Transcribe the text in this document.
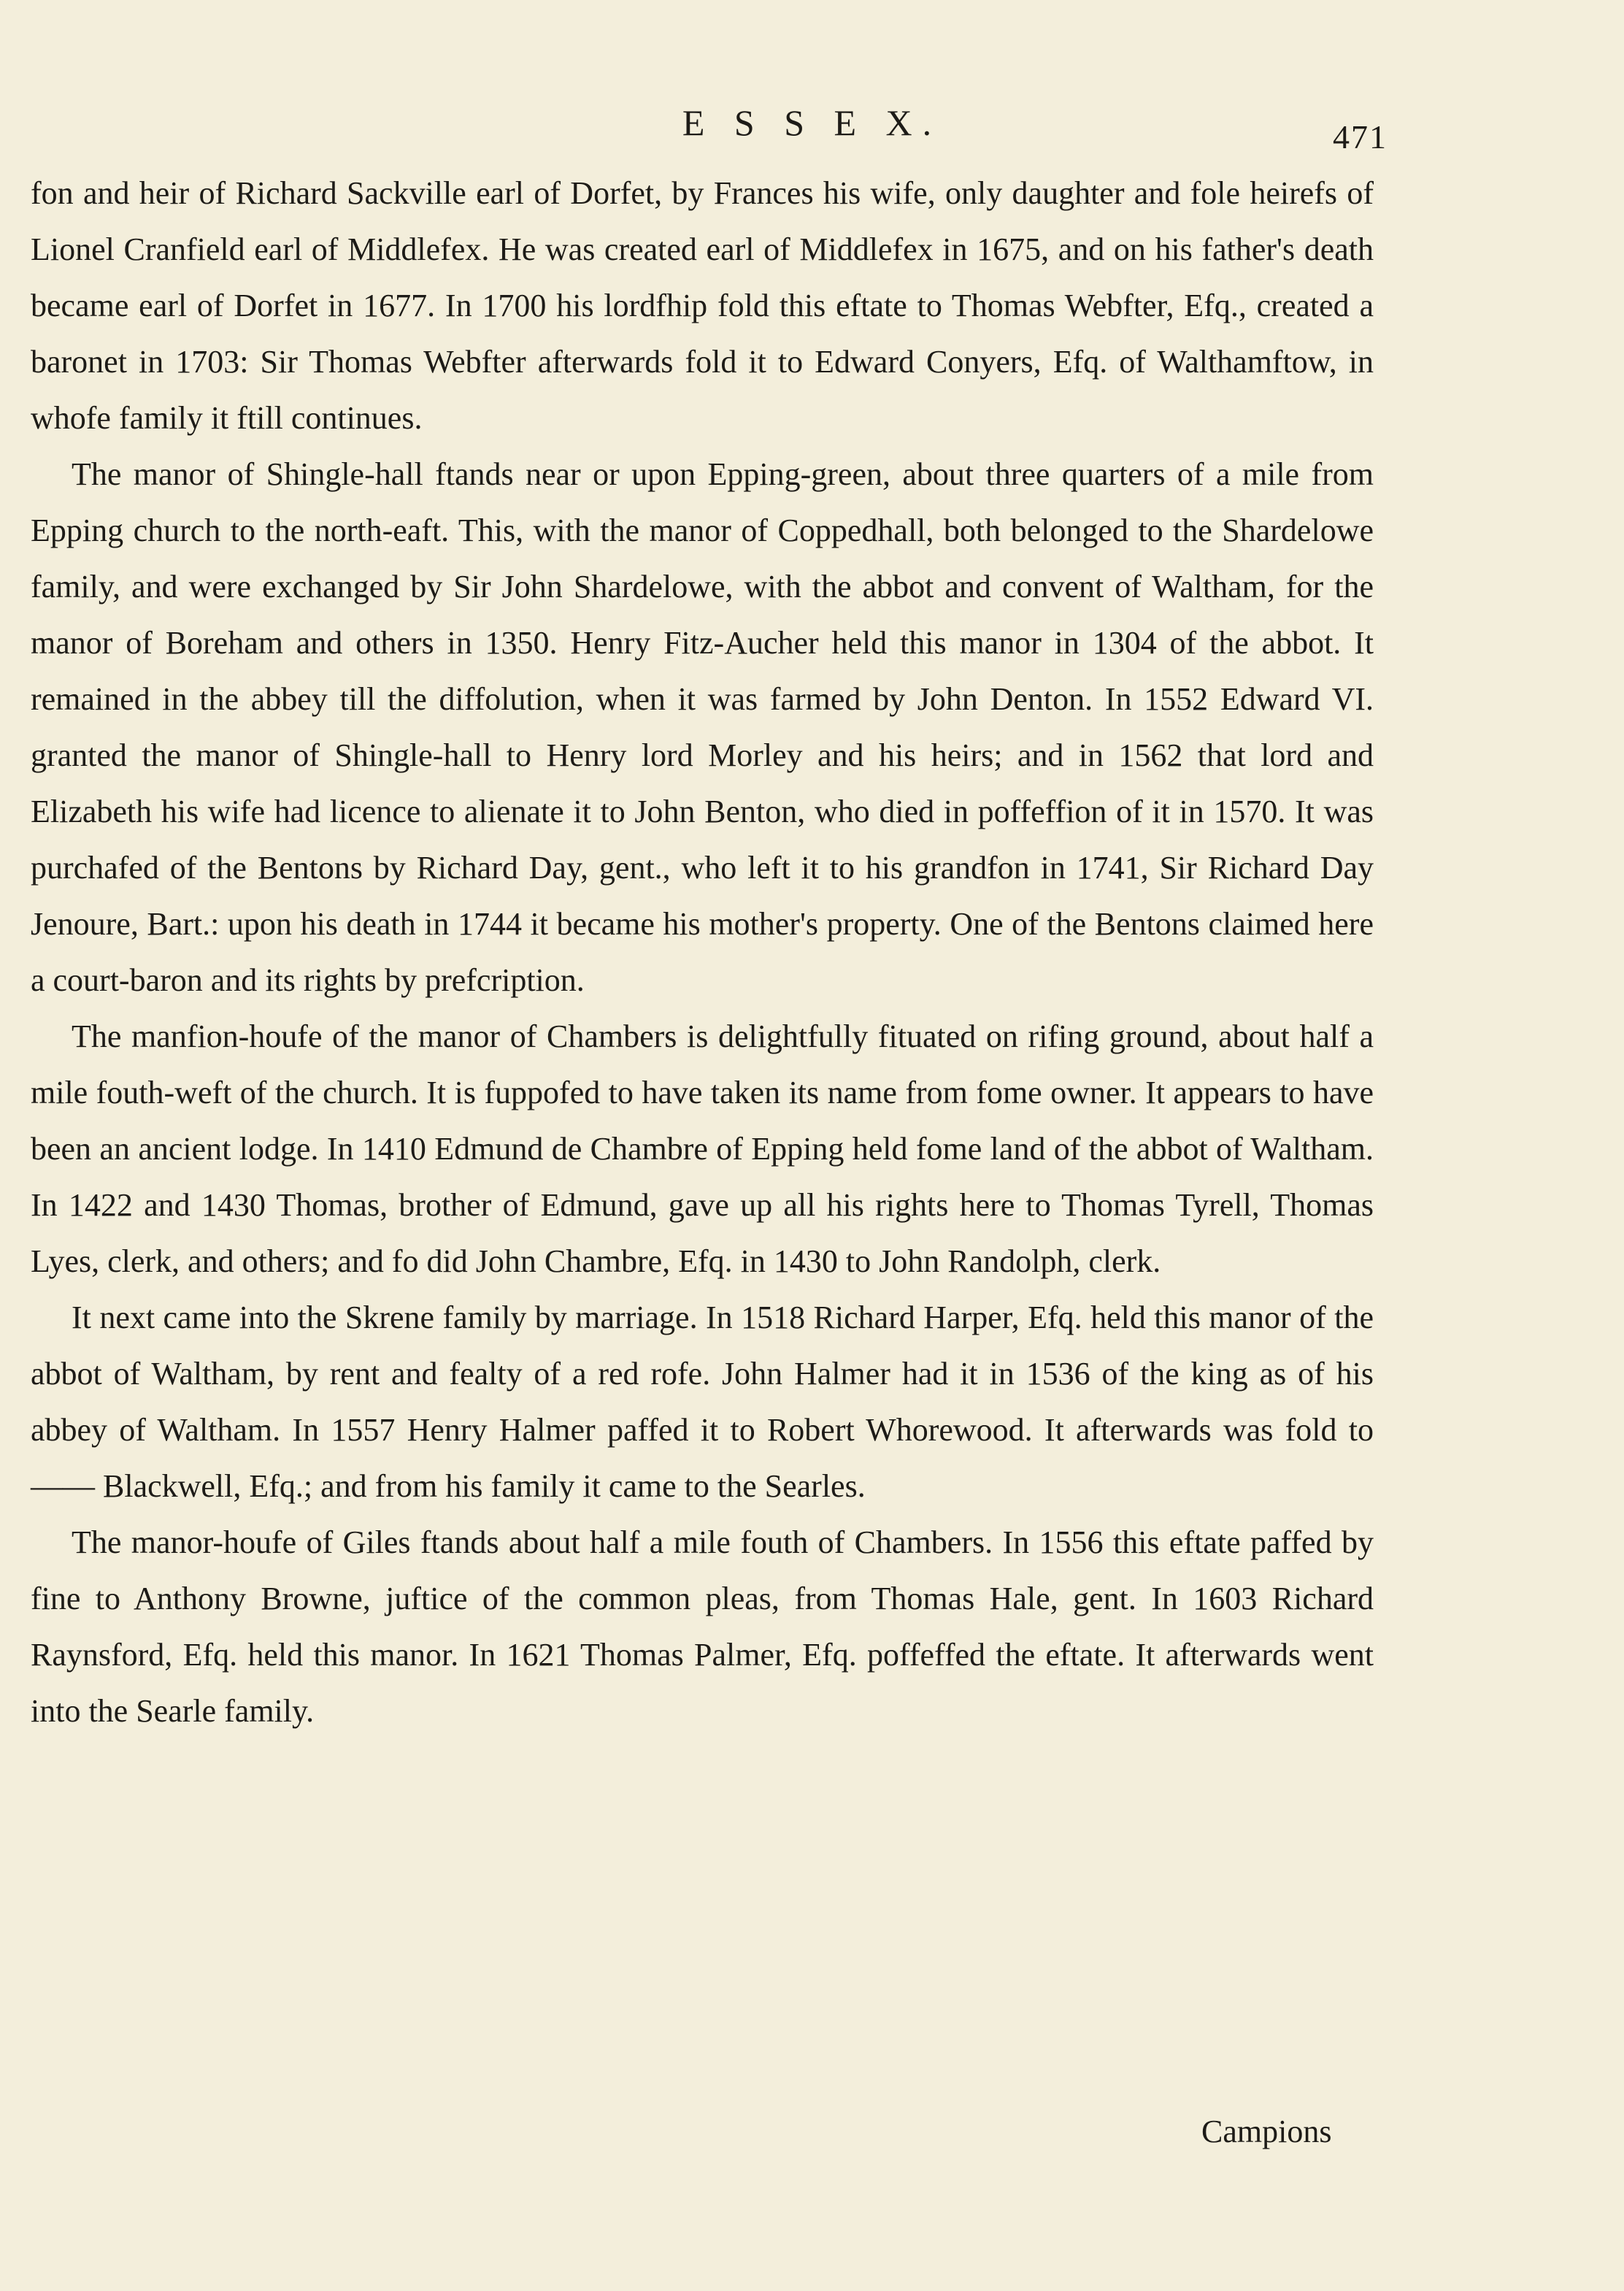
E S S E X.	471

fon and heir of Richard Sackville earl of Dorfet, by Frances his wife, only daughter and fole heirefs of Lionel Cranfield earl of Middlefex. He was created earl of Middlefex in 1675, and on his father's death became earl of Dorfet in 1677. In 1700 his lordfhip fold this eftate to Thomas Webfter, Efq., created a baronet in 1703: Sir Thomas Webfter afterwards fold it to Edward Conyers, Efq. of Walthamftow, in whofe family it ftill continues.

The manor of Shingle-hall ftands near or upon Epping-green, about three quarters of a mile from Epping church to the north-eaft. This, with the manor of Coppedhall, both belonged to the Shardelowe family, and were exchanged by Sir John Shardelowe, with the abbot and convent of Waltham, for the manor of Boreham and others in 1350. Henry Fitz-Aucher held this manor in 1304 of the abbot. It remained in the abbey till the diffolution, when it was farmed by John Denton. In 1552 Edward VI. granted the manor of Shingle-hall to Henry lord Morley and his heirs; and in 1562 that lord and Elizabeth his wife had licence to alienate it to John Benton, who died in poffeffion of it in 1570. It was purchafed of the Bentons by Richard Day, gent., who left it to his grandfon in 1741, Sir Richard Day Jenoure, Bart.: upon his death in 1744 it became his mother's property. One of the Bentons claimed here a court-baron and its rights by prefcription.

The manfion-houfe of the manor of Chambers is delightfully fituated on rifing ground, about half a mile fouth-weft of the church. It is fuppofed to have taken its name from fome owner. It appears to have been an ancient lodge. In 1410 Edmund de Chambre of Epping held fome land of the abbot of Waltham. In 1422 and 1430 Thomas, brother of Edmund, gave up all his rights here to Thomas Tyrell, Thomas Lyes, clerk, and others; and fo did John Chambre, Efq. in 1430 to John Randolph, clerk.

It next came into the Skrene family by marriage. In 1518 Richard Harper, Efq. held this manor of the abbot of Waltham, by rent and fealty of a red rofe. John Halmer had it in 1536 of the king as of his abbey of Waltham. In 1557 Henry Halmer paffed it to Robert Whorewood. It afterwards was fold to —— Blackwell, Efq.; and from his family it came to the Searles.

The manor-houfe of Giles ftands about half a mile fouth of Chambers. In 1556 this eftate paffed by fine to Anthony Browne, juftice of the common pleas, from Thomas Hale, gent. In 1603 Richard Raynsford, Efq. held this manor. In 1621 Thomas Palmer, Efq. poffeffed the eftate. It afterwards went into the Searle family.

Campions
